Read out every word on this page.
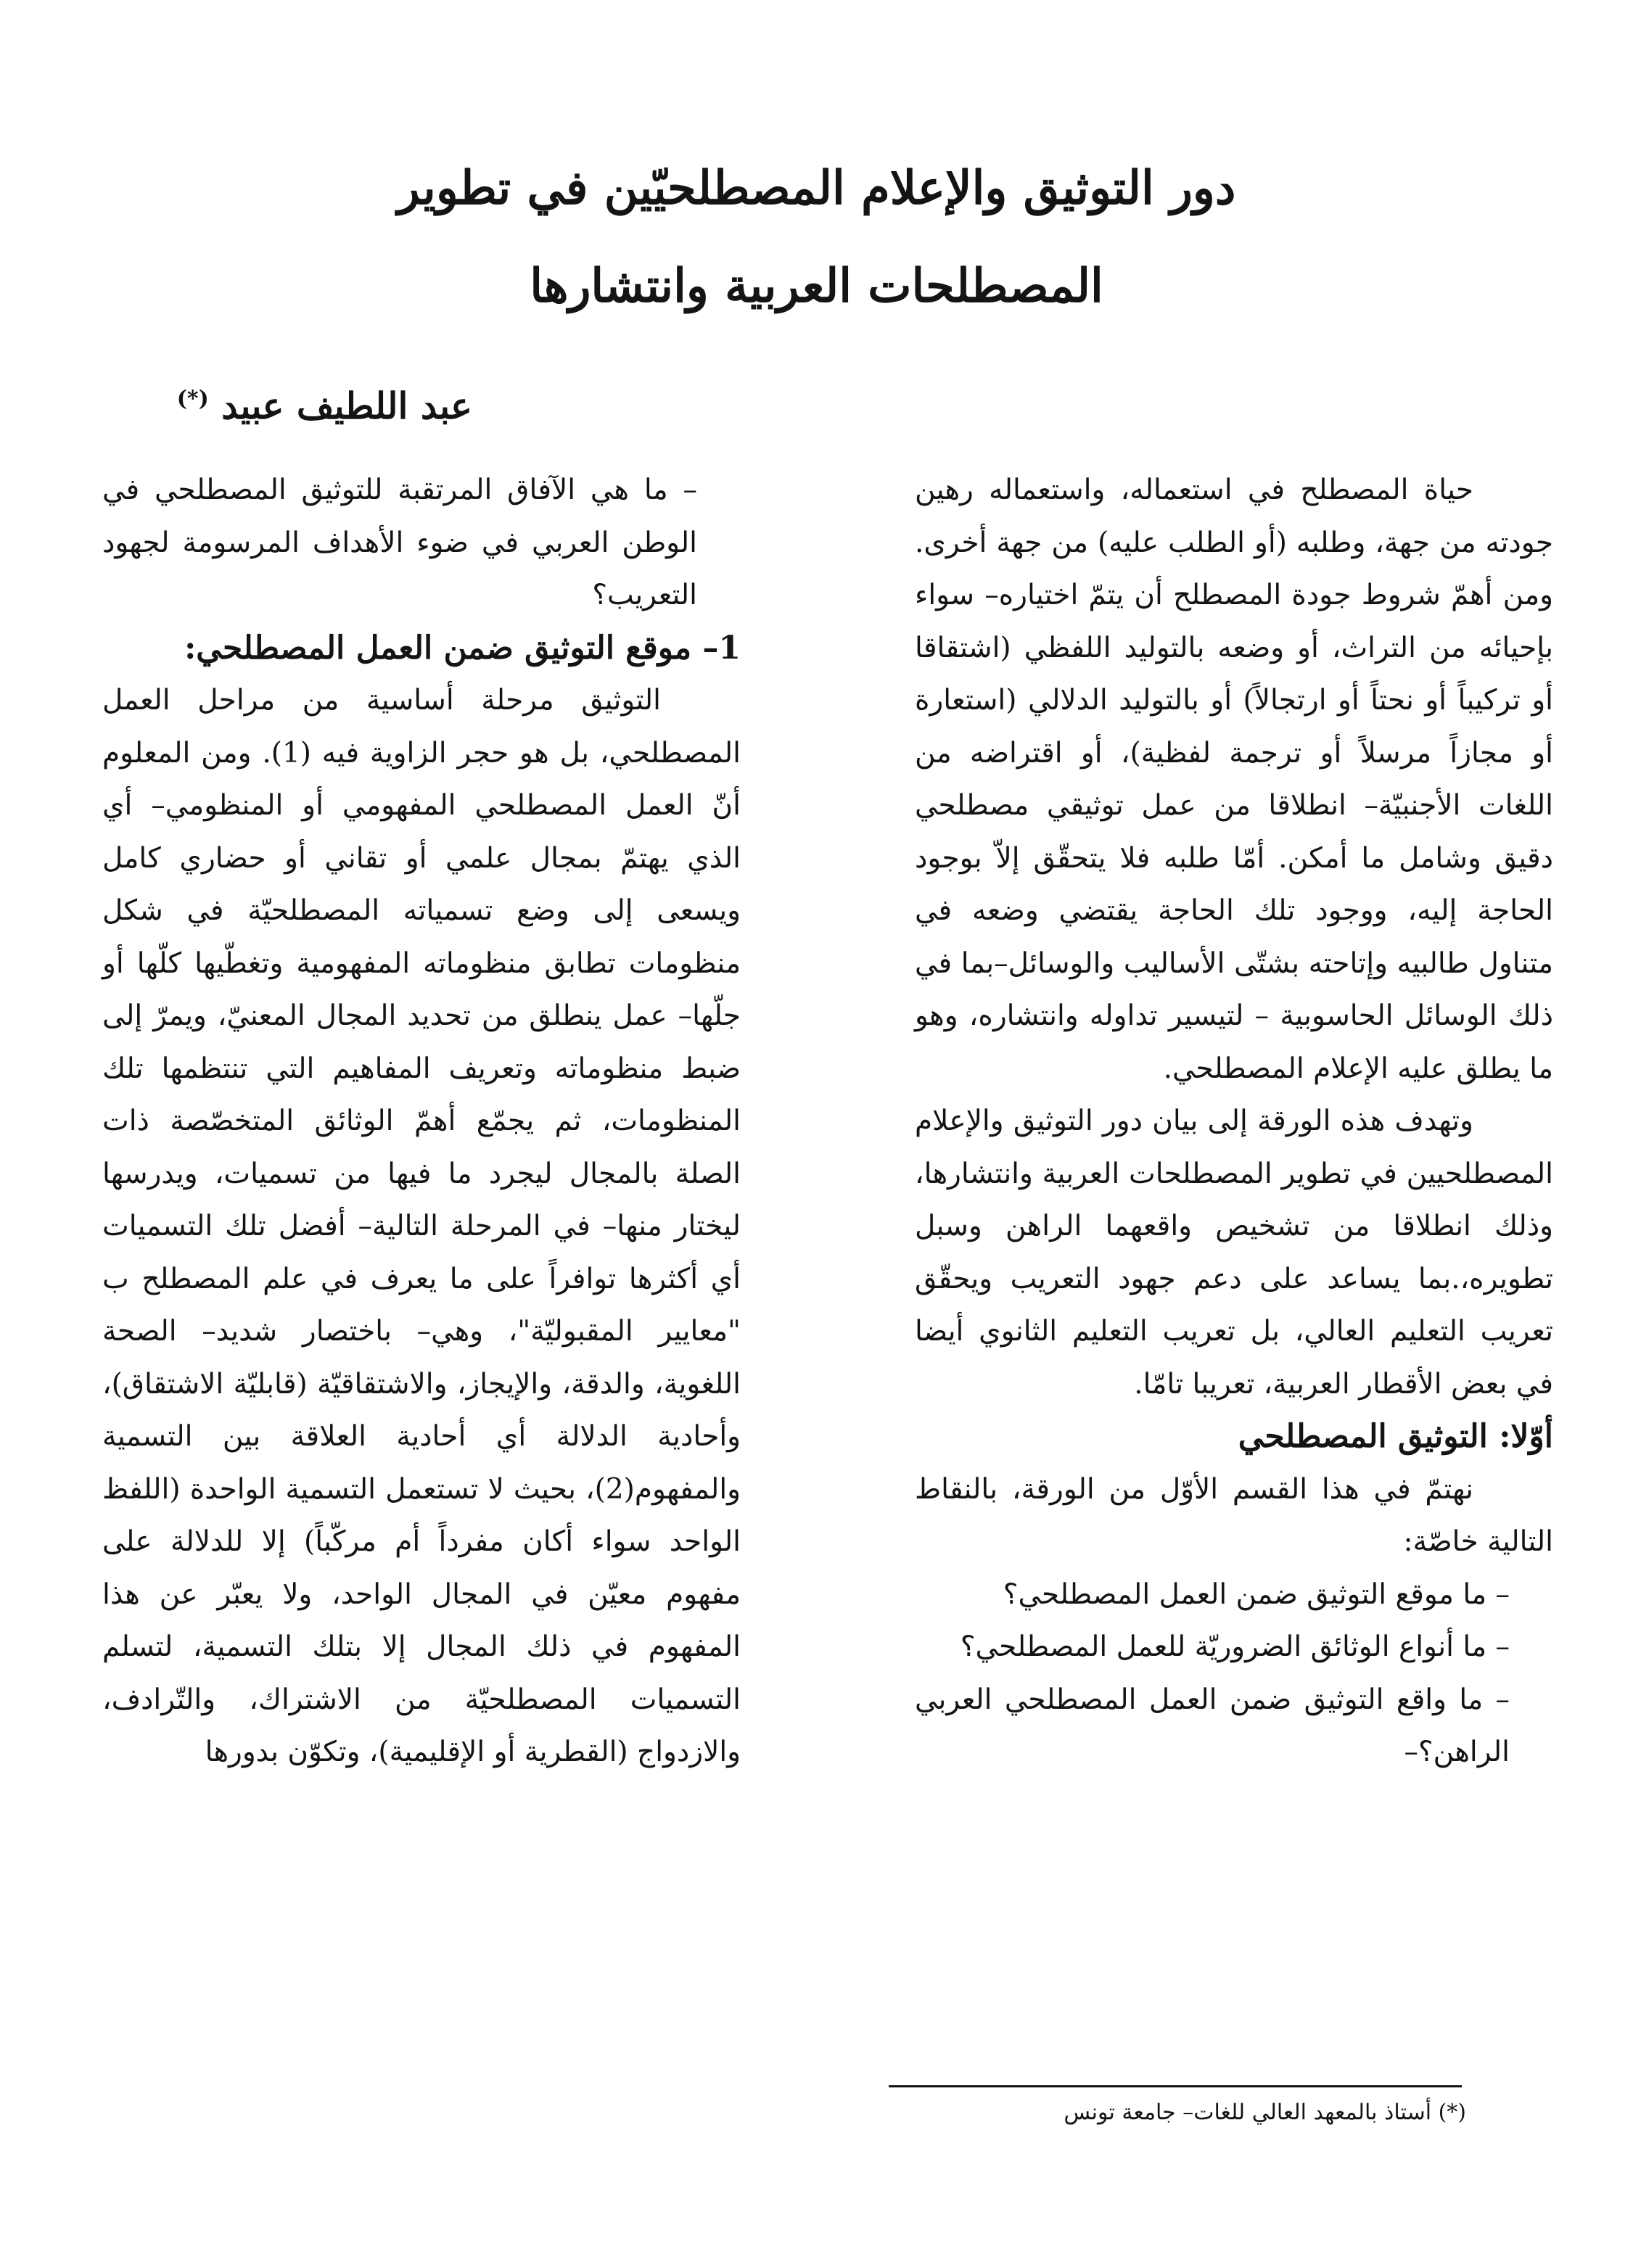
دور التوثيق والإعلام المصطلحيّين في تطوير
المصطلحات العربية وانتشارها
عبد اللطيف عبيد (*)

حياة المصطلح في استعماله، واستعماله رهين جودته من جهة، وطلبه (أو الطلب عليه) من جهة أخرى. ومن أهمّ شروط جودة المصطلح أن يتمّ اختياره– سواء بإحيائه من التراث، أو وضعه بالتوليد اللفظي (اشتقاقا أو تركيباً أو نحتاً أو ارتجالاً) أو بالتوليد الدلالي (استعارة أو مجازاً مرسلاً أو ترجمة لفظية)، أو اقتراضه من اللغات الأجنبيّة– انطلاقا من عمل توثيقي مصطلحي دقيق وشامل ما أمكن. أمّا طلبه فلا يتحقّق إلاّ بوجود الحاجة إليه، ووجود تلك الحاجة يقتضي وضعه في متناول طالبيه وإتاحته بشتّى الأساليب والوسائل–بما في ذلك الوسائل الحاسوبية – لتيسير تداوله وانتشاره، وهو ما يطلق عليه الإعلام المصطلحي.

وتهدف هذه الورقة إلى بيان دور التوثيق والإعلام المصطلحيين في تطوير المصطلحات العربية وانتشارها، وذلك انطلاقا من تشخيص واقعهما الراهن وسبل تطويره،.بما يساعد على دعم جهود التعريب ويحقّق تعريب التعليم العالي، بل تعريب التعليم الثانوي أيضا في بعض الأقطار العربية، تعريبا تامّا.

أوّلا: التوثيق المصطلحي

نهتمّ في هذا القسم الأوّل من الورقة، بالنقاط التالية خاصّة:

– ما موقع التوثيق ضمن العمل المصطلحي؟

– ما أنواع الوثائق الضروريّة للعمل المصطلحي؟

– ما واقع التوثيق ضمن العمل المصطلحي العربي الراهن؟–

– ما هي الآفاق المرتقبة للتوثيق المصطلحي في الوطن العربي في ضوء الأهداف المرسومة لجهود التعريب؟

1– موقع التوثيق ضمن العمل المصطلحي:

التوثيق مرحلة أساسية من مراحل العمل المصطلحي، بل هو حجر الزاوية فيه (1). ومن المعلوم أنّ العمل المصطلحي المفهومي أو المنظومي– أي الذي يهتمّ بمجال علمي أو تقاني أو حضاري كامل ويسعى إلى وضع تسمياته المصطلحيّة في شكل منظومات تطابق منظوماته المفهومية وتغطّيها كلّها أو جلّها– عمل ينطلق من تحديد المجال المعنيّ، ويمرّ إلى ضبط منظوماته وتعريف المفاهيم التي تنتظمها تلك المنظومات، ثم يجمّع أهمّ الوثائق المتخصّصة ذات الصلة بالمجال ليجرد ما فيها من تسميات، ويدرسها ليختار منها– في المرحلة التالية– أفضل تلك التسميات أي أكثرها توافراً على ما يعرف في علم المصطلح ب "معايير المقبوليّة"، وهي– باختصار شديد– الصحة اللغوية، والدقة، والإيجاز، والاشتقاقيّة (قابليّة الاشتقاق)، وأحادية الدلالة أي أحادية العلاقة بين التسمية والمفهوم(2)، بحيث لا تستعمل التسمية الواحدة (اللفظ الواحد سواء أكان مفرداً أم مركّباً) إلا للدلالة على مفهوم معيّن في المجال الواحد، ولا يعبّر عن هذا المفهوم في ذلك المجال إلا بتلك التسمية، لتسلم التسميات المصطلحيّة من الاشتراك، والتّرادف، والازدواج (القطرية أو الإقليمية)، وتكوّن بدورها

(*) أستاذ بالمعهد العالي للغات– جامعة تونس
